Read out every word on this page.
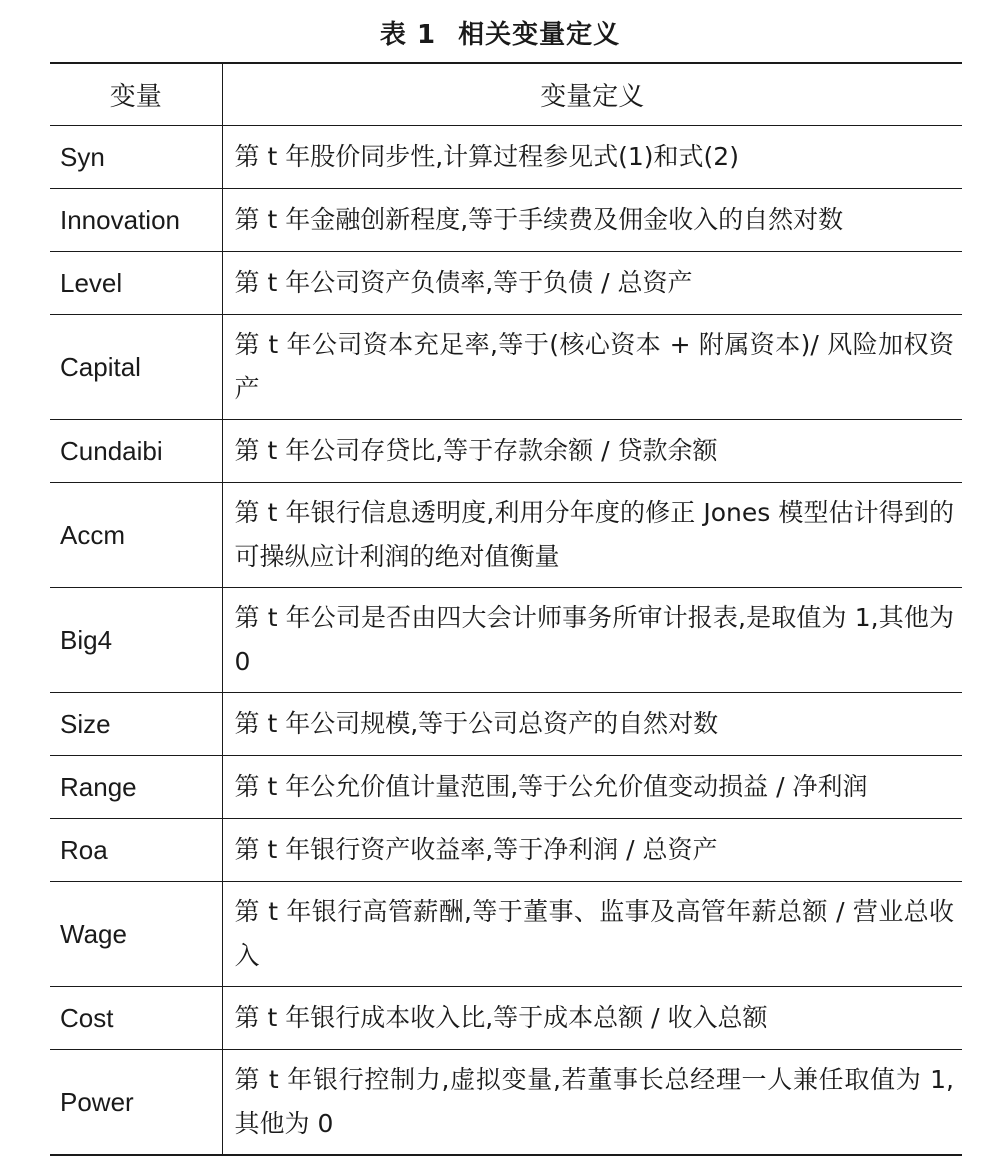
表 1 相关变量定义
变量	变量定义
Syn	第 t 年股价同步性,计算过程参见式(1)和式(2)
Innovation	第 t 年金融创新程度,等于手续费及佣金收入的自然对数
Level	第 t 年公司资产负债率,等于负债 / 总资产
Capital	第 t 年公司资本充足率,等于(核心资本 + 附属资本)/ 风险加权资产
Cundaibi	第 t 年公司存贷比,等于存款余额 / 贷款余额
Accm	第 t 年银行信息透明度,利用分年度的修正 Jones 模型估计得到的可操纵应计利润的绝对值衡量
Big4	第 t 年公司是否由四大会计师事务所审计报表,是取值为 1,其他为 0
Size	第 t 年公司规模,等于公司总资产的自然对数
Range	第 t 年公允价值计量范围,等于公允价值变动损益 / 净利润
Roa	第 t 年银行资产收益率,等于净利润 / 总资产
Wage	第 t 年银行高管薪酬,等于董事、监事及高管年薪总额 / 营业总收入
Cost	第 t 年银行成本收入比,等于成本总额 / 收入总额
Power	第 t 年银行控制力,虚拟变量,若董事长总经理一人兼任取值为 1,其他为 0
